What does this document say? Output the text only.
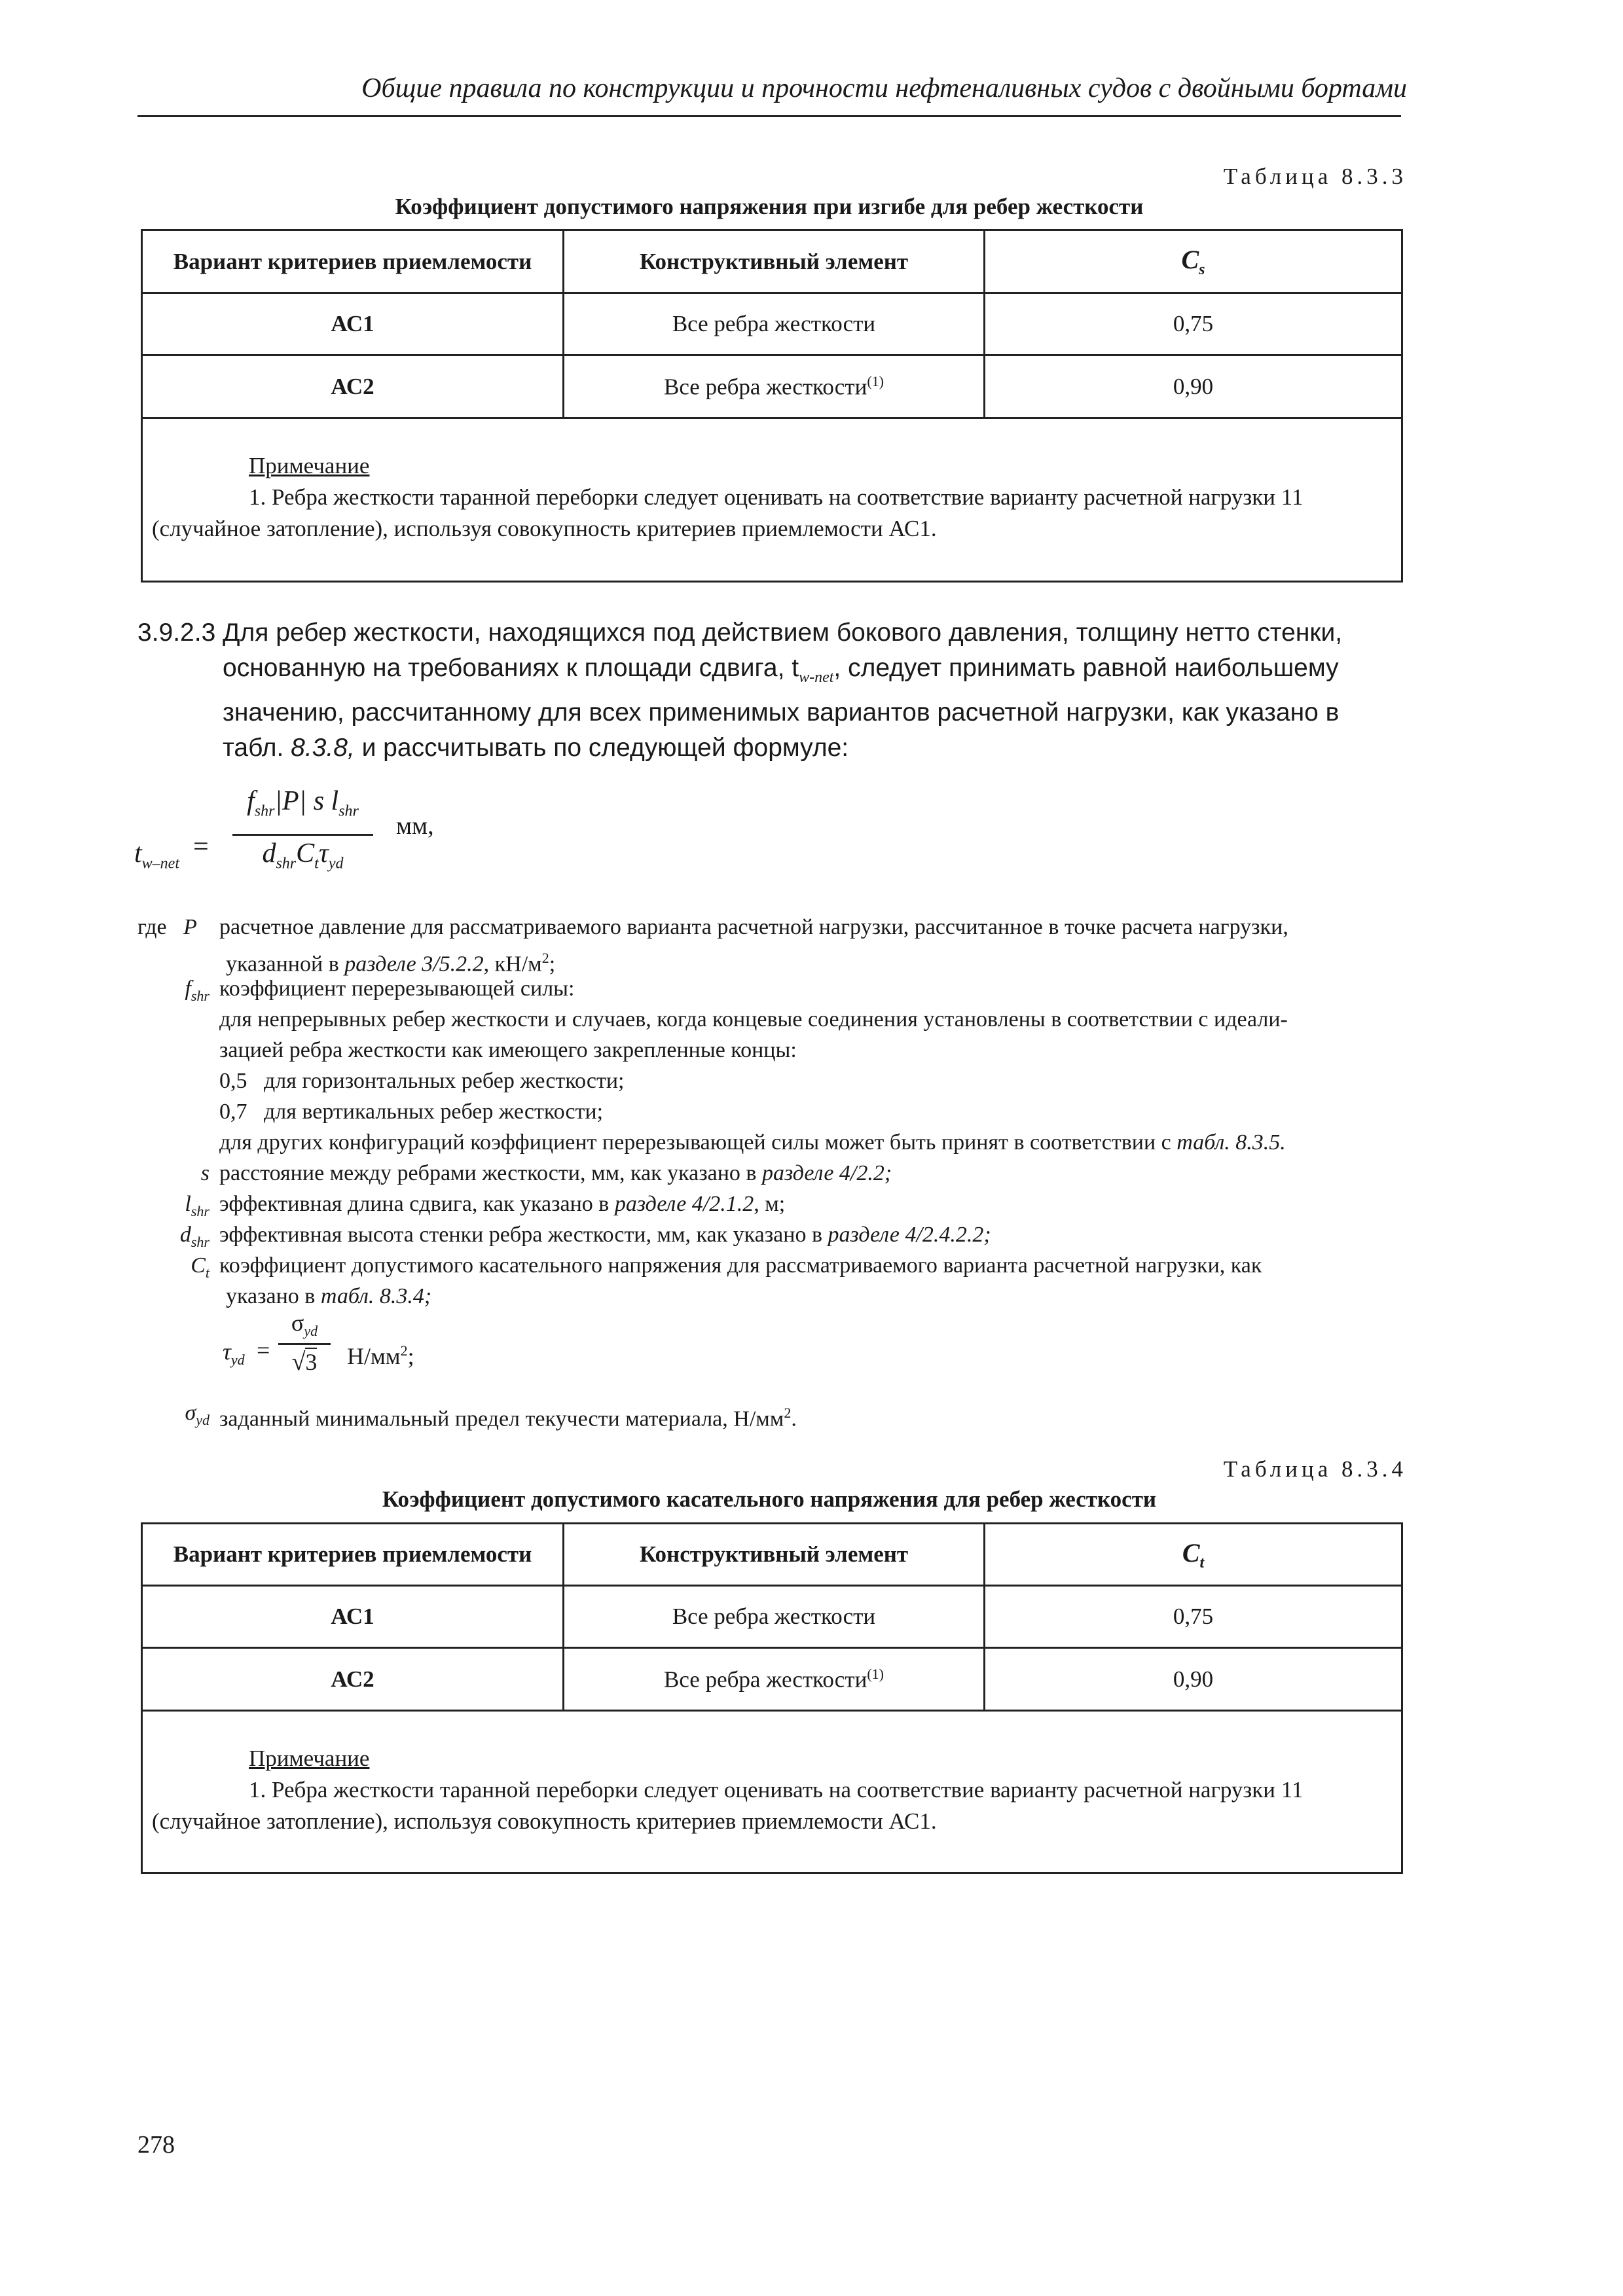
Общие правила по конструкции и прочности нефтеналивных судов с двойными бортами
Таблица 8.3.3
Коэффициент допустимого напряжения при изгибе для ребер жесткости
Вариант критериев приемлемости	Конструктивный элемент	$C_s$
АС1	Все ребра жесткости	0,75
АС2	Все ребра жесткости$^{(1)}$	0,90

Примечание
1. Ребра жесткости таранной переборки следует оценивать на соответствие варианту расчетной нагрузки 11
(случайное затопление), используя совокупность критериев приемлемости АС1.		
3.9.2.3 Для ребер жесткости, находящихся под действием бокового давления, толщину нетто стенки,
основанную на требованиях к площади сдвига, $t_{w-net}$, следует принимать равной наибольшему
значению, рассчитанному для всех применимых вариантов расчетной нагрузки, как указано в
табл. 8.3.8, и рассчитывать по следующей формуле:
$t_{w-net}$
=
$f_{shr}|P|$ s $l_{shr}$
$d_{shr}C_t\tau_{yd}$
мм,
где P	расчетное давление для рассматриваемого варианта расчетной нагрузки, рассчитанное в точке расчета нагрузки,
указанной в разделе 3/5.2.2, $кН/м^2$;
$f_{shr}$ коэффициент перерезывающей силы:
для непрерывных ребер жесткости и случаев, когда концевые соединения установлены в соответствии с идеали-
зацией ребра жесткости как имеющего закрепленные концы:
0,5   для горизонтальных ребер жесткости;
0,7   для вертикальных ребер жесткости;
для других конфигураций коэффициент перерезывающей силы может быть принят в соответствии с табл. 8.3.5.
s расстояние между ребрами жесткости, мм, как указано в разделе 4/2.2;
$l_{shr}$ эффективная длина сдвига, как указано в разделе 4/2.1.2, м;
$d_{shr}$ эффективная высота стенки ребра жесткости, мм, как указано в разделе 4/2.4.2.2;
$C_t$ коэффициент допустимого касательного напряжения для рассматриваемого варианта расчетной нагрузки, как
указано в табл. 8.3.4;
$\tau_{yd}$ =
$\sigma_{yd}$
√3	$Н/мм^2$;
$\sigma_{yd}$ заданный минимальный предел текучести материала, $Н/мм^2$.
Таблица 8.3.4
Коэффициент допустимого касательного напряжения для ребер жесткости
Вариант критериев приемлемости	Конструктивный элемент	$C_t$
АС1	Все ребра жесткости	0,75
АС2	Все ребра жесткости$^{(1)}$	0,90

Примечание
1. Ребра жесткости таранной переборки следует оценивать на соответствие варианту расчетной нагрузки 11
(случайное затопление), используя совокупность критериев приемлемости АС1.		
278
